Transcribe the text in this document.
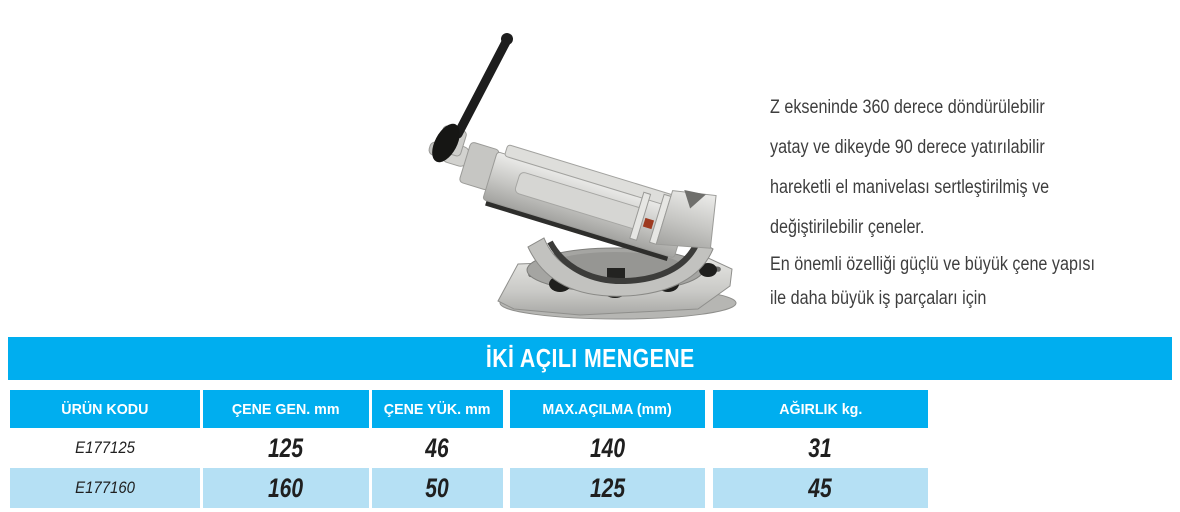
Z ekseninde 360 derece döndürülebilir
yatay ve dikeyde 90 derece yatırılabilir
hareketli el manivelası sertleştirilmiş ve
değiştirilebilir çeneler.
En önemli özelliği güçlü ve büyük çene yapısı
ile daha büyük iş parçaları için
İKİ AÇILI MENGENE
ÜRÜN KODU	ÇENE GEN. mm	ÇENE YÜK. mm	MAX.AÇILMA (mm)	AĞIRLIK kg.
E177125	125	46	140	31
E177160	160	50	125	45
